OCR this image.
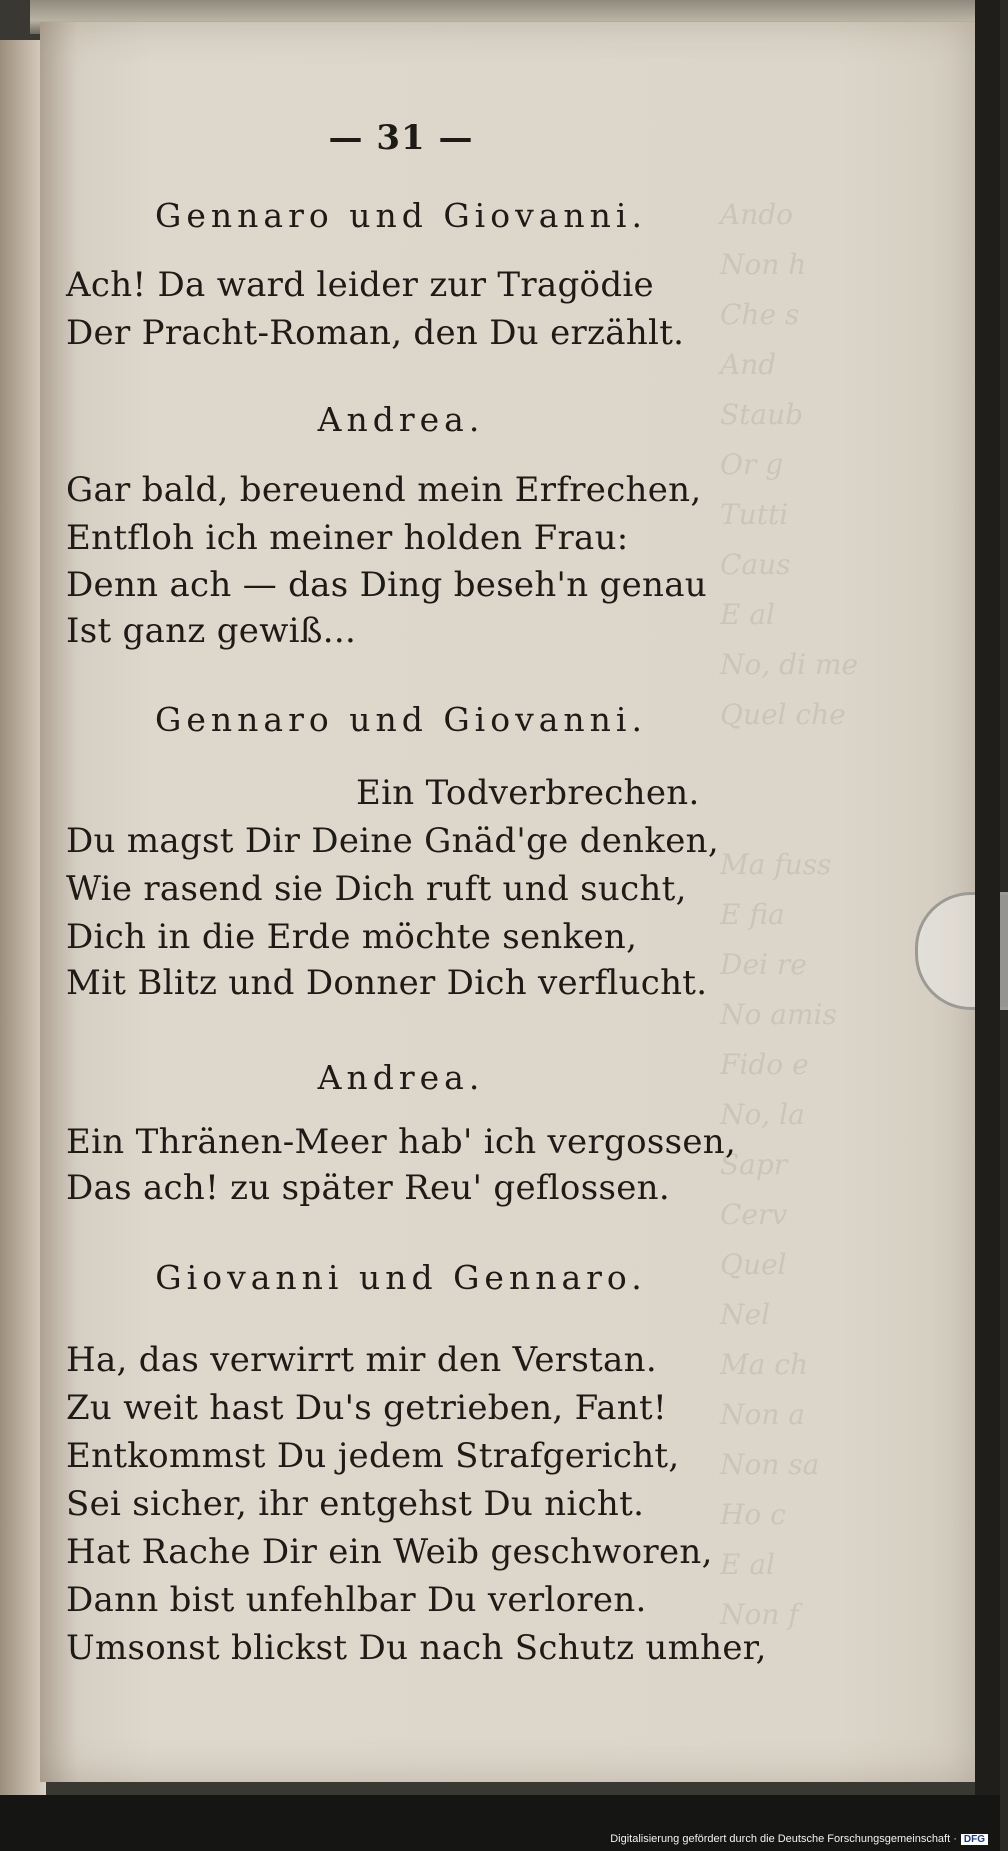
Ando
Non h
Che s
And
Staub
Or g
Tutti
Caus
E al
No, di me
Quel che

Ma fuss
E fia
Dei re
No amis
Fido e
No, la
Sapr
Cerv
Quel
Nel
Ma ch
Non a
Non sa
Ho c
E al
Non f
— 31 —
Gennaro und Giovanni.
Ach! Da ward leider zur Tragödie
Der Pracht-Roman, den Du erzählt.
Andrea.
Gar bald, bereuend mein Erfrechen,
Entfloh ich meiner holden Frau:
Denn ach — das Ding beseh'n genau
Ist ganz gewiß...
Gennaro und Giovanni.
Ein Todverbrechen.
Du magst Dir Deine Gnäd'ge denken,
Wie rasend sie Dich ruft und sucht,
Dich in die Erde möchte senken,
Mit Blitz und Donner Dich verflucht.
Andrea.
Ein Thränen-Meer hab' ich vergossen,
Das ach! zu später Reu' geflossen.
Giovanni und Gennaro.
Ha, das verwirrt mir den Verstan.
Zu weit hast Du's getrieben, Fant!
Entkommst Du jedem Strafgericht,
Sei sicher, ihr entgehst Du nicht.
Hat Rache Dir ein Weib geschworen,
Dann bist unfehlbar Du verloren.
Umsonst blickst Du nach Schutz umher,
Digitalisierung gefördert durch die Deutsche Forschungsgemeinschaft · DFG
